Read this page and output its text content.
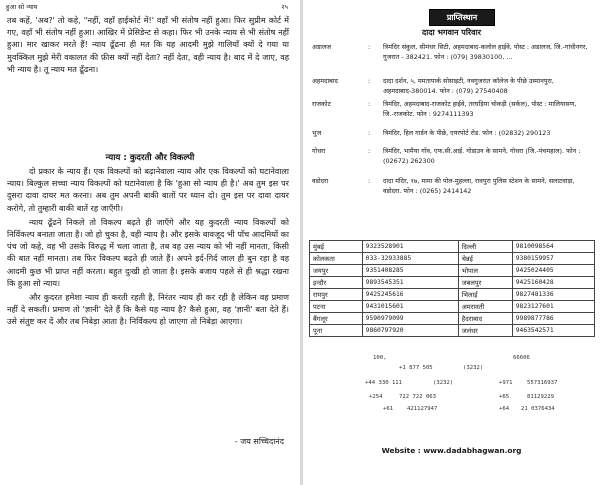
हुआ सो न्याय	२५

तब कहें, 'अब?' तो कहे, "नहीं, वहाँ हाईकोर्ट में!' वहाँ भी संतोष नहीं हुआ। फिर सुप्रीम कोर्ट में गए, वहाँ भी संतोष नहीं हुआ। आखिर में प्रेसिडेन्ट से कहा। फिर भी उनके न्याय से भी संतोष नहीं हुआ। मार खाकर मरते हैं! न्याय ढूँढना ही मत कि यह आदमी मुझे गालियाँ क्यों दे गया या मुवक्किल मुझे मेरी वकालत की फ़ीस क्यों नहीं देता? नहीं देता, वही न्याय है। बाद में दे जाए, वह भी न्याय है। तू न्याय मत ढूँढना।

न्याय : कुदरती और विकल्पी

दो प्रकार के न्याय हैं। एक विकल्पों को बढ़ानेवाला न्याय और एक विकल्पों को घटानेवाला न्याय। बिल्कुल सच्चा न्याय विकल्पों को घटानेवाला है कि 'हुआ सो न्याय ही है।' अब तुम इस पर दुसरा दावा दायर मत करना। अब तुम अपनी बाकी बातों पर ध्यान दो। तुम इस पर दावा दायर करोगे, तो तुम्हारी बाकी बातें रह जाएँगी।

न्याय ढूँढने निकले तो विकल्प बढ़ते ही जाएँगे और यह कुदरती न्याय विकल्पों को निर्विकल्प बनाता जाता है। जो हो चुका है, वही न्याय है। और इसके बावजूद भी पाँच आदमियों का पंच जो कहे, वह भी उसके विरुद्ध में चला जाता है, तब वह उस न्याय को भी नहीं मानता, किसी की बात नहीं मानता। तब फिर विकल्प बढ़ते ही जाते हैं। अपने इर्द-गिर्द जाल ही बुन रहा है वह आदमी कुछ भी प्राप्त नहीं करता। बहुत दुःखी हो जाता है। इसके बजाय पहले से ही श्रद्धा रखना कि हुआ सो न्याय।

और कुदरत हमेशा न्याय ही करती रहती है, निरंतर न्याय ही कर रही है लेकिन वह प्रमाण नहीं दे सकती। प्रमाण तो 'ज्ञानी' देते हैं कि कैसे यह न्याय है? कैसे हुआ, वह 'ज्ञानी' बता देते हैं। उसे संतुष्ट कर दें और तब निबेड़ा आता है। निर्विकल्प हो जाएगा तो निबेड़ा आएगा।

- जय सच्चिदानंद
प्राप्तिस्थान
दादा भगवान परिवार
अडालज	: त्रिमंदिर संकुल, सीमंधर सिटी, अहमदाबाद-कलोल हाईवे, पोस्ट : अडालज, जि.-गांधीनगर, गुजरात - 382421. फोन : (079) 39830100, ...
अहमदाबाद	: दादा दर्शन, ५, ममतापार्क सोसाइटी, नवगुजरात कॉलेज के पीछे उस्मानपुरा, अहमदाबाद-380014. फोन : (079) 27540408
राजकोट	: त्रिमंदिर, अहमदाबाद-राजकोट हाईवे, तरघड़िया चोकड़ी (सर्कल), पोस्ट : मालियासण, जि.-राजकोट. फोन : 9274111393
भुज	: त्रिमंदिर, हिल गार्डन के पीछे, एयरपोर्ट रोड. फोन : (02832) 290123
गोधरा	: त्रिमंदिर, भामैया गाँव, एफ.सी.आई. गोडाउन के सामने, गोधरा (जि.-पंचमहाल). फोन : (02672) 262300
वडोदरा	: दादा मंदिर, १७, मामा की पोल-मुहल्ला, रावपुरा पुलिस स्टेशन के सामने, सलाटवाड़ा, वडोदरा. फोन : (0265) 2414142
मुंबई	9323528901	दिल्ली	9810098564
कोलकता	033-32933885	चेन्नई	9380159957
जयपुर	9351408285	भोपाल	9425024405
इन्दौर	9893545351	जबलपुर	9425160428
रायपुर	9425245616	भिलाई	9827481336
पटना	9431015601	अमरावती	9823127601
बैंगलूर	9590979099	हैदराबाद	9989877786
पूना	9860797920	जलंधर	9463542571
100,	66606
+1 877 505	(3232)
+44 330 111	(3232)	+971	557316937
+254	722 722 063	+65	81129229
+61 421127947	+64 21 0376434
Website : www.dadabhagwan.org
